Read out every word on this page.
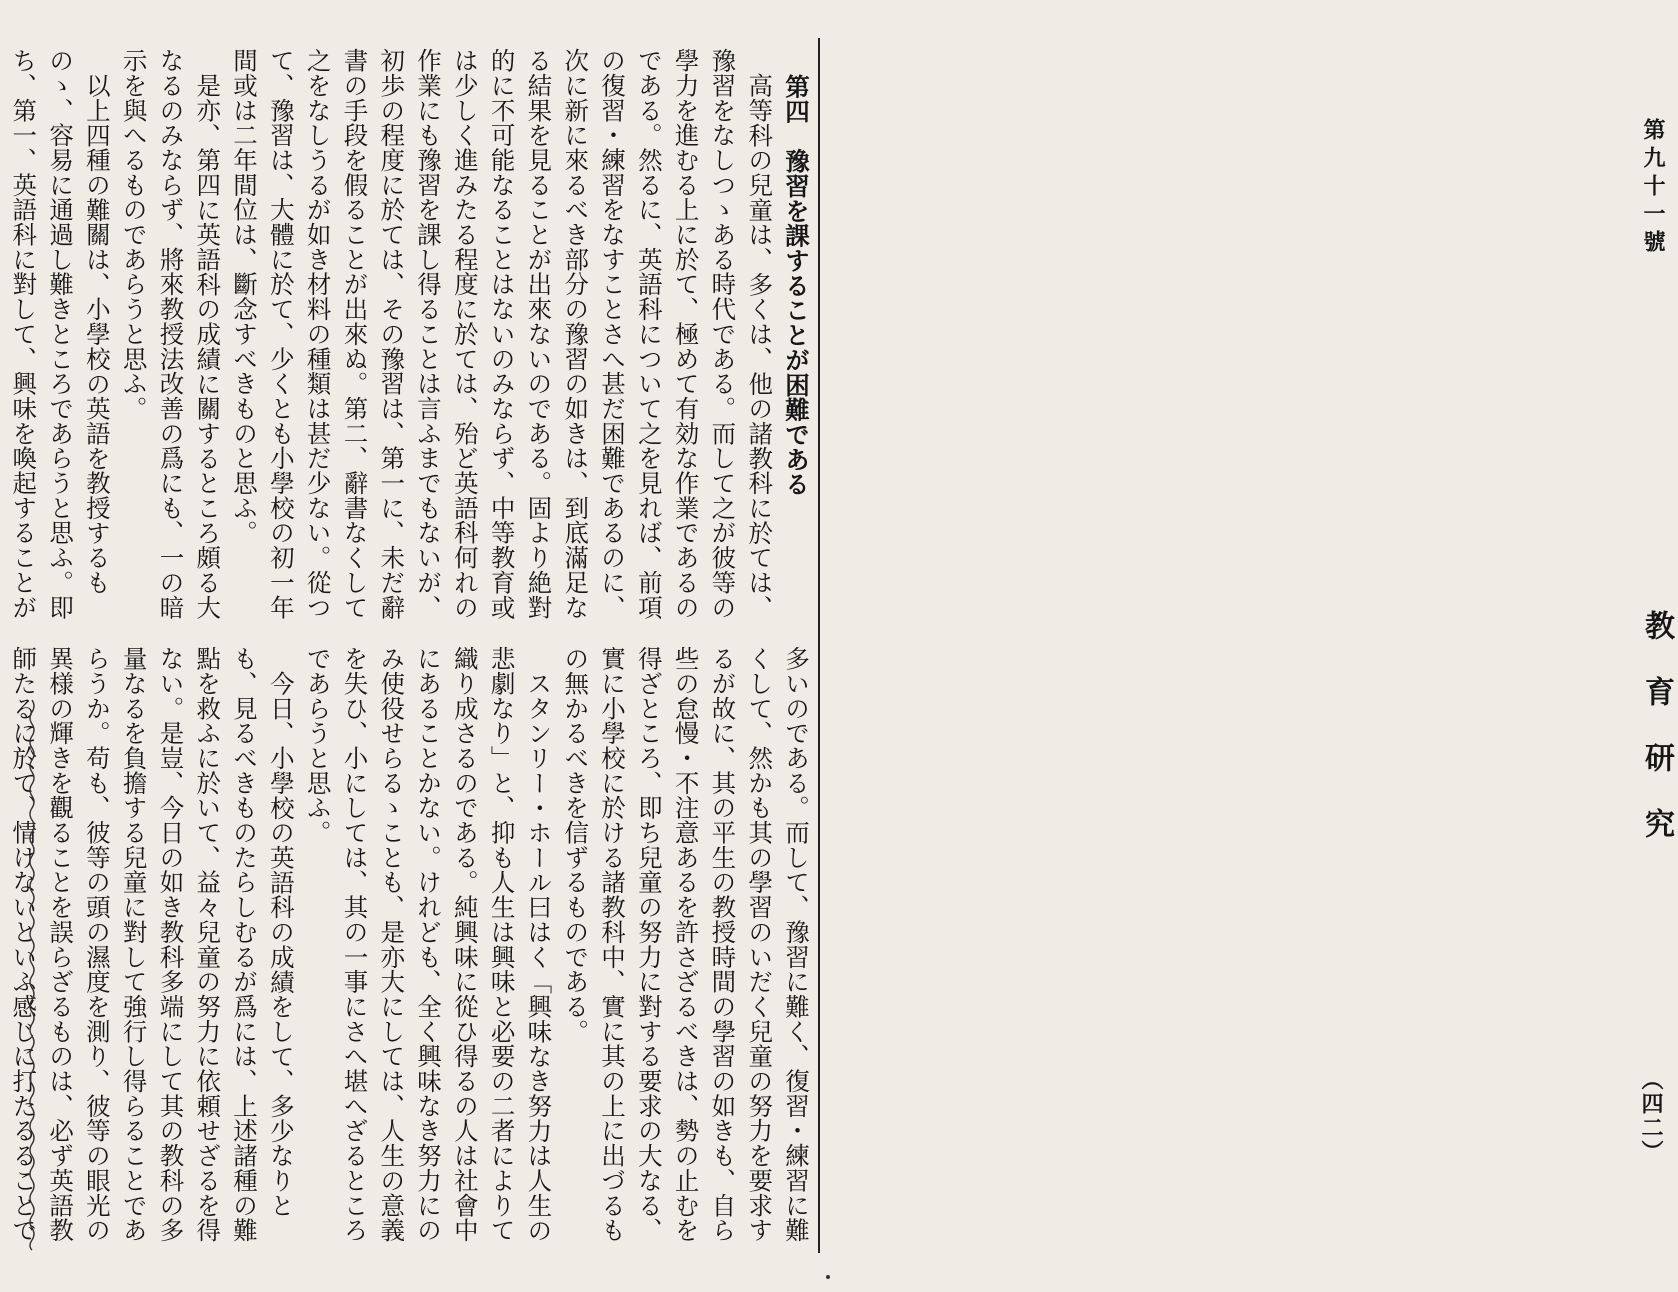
第九十一號
教育研究
（四二）

第四　豫習を課することが困難である

高等科の兒童は、多くは、他の諸教科に於ては、豫習をなしつゝある時代である。而して之が彼等の學力を進むる上に於て、極めて有効な作業であるのである。然るに、英語科について之を見れば、前項の復習・練習をなすことさへ甚だ困難であるのに、次に新に來るべき部分の豫習の如きは、到底滿足なる結果を見ることが出來ないのである。固より絶對的に不可能なることはないのみならず、中等教育或は少しく進みたる程度に於ては、殆ど英語科何れの作業にも豫習を課し得ることは言ふまでもないが、初歩の程度に於ては、その豫習は、第一に、未だ辭書の手段を假ることが出來ぬ。第二、辭書なくして之をなしうるが如き材料の種類は甚だ少ない。從つて、豫習は、大體に於て、少くとも小學校の初一年間或は二年間位は、斷念すべきものと思ふ。

是亦、第四に英語科の成績に關するところ頗る大なるのみならず、將來教授法改善の爲にも、一の暗示を與へるものであらうと思ふ。

以上四種の難關は、小學校の英語を教授するものゝ、容易に通過し難きところであらうと思ふ。即ち、第一、英語科に對して、興味を喚起することが

多いのである。而して、豫習に難く、復習・練習に難くして、然かも其の學習のいだく兒童の努力を要求するが故に、其の平生の教授時間の學習の如きも、自ら些の怠慢・不注意あるを許さざるべきは、勢の止むを得ざところ、即ち兒童の努力に對する要求の大なる、實に小學校に於ける諸教科中、實に其の上に出づるもの無かるべきを信ずるものである。

スタンリー・ホール曰はく「興味なき努力は人生の悲劇なり」と、抑も人生は興味と必要の二者によりて織り成さるのである。純興味に從ひ得るの人は社會中にあることかない。けれども、全く興味なき努力にのみ使役せらるゝことも、是亦大にしては、人生の意義を失ひ、小にしては、其の一事にさへ堪へざるところであらうと思ふ。

今日、小學校の英語科の成績をして、多少なりとも、見るべきものたらしむるが爲には、上述諸種の難點を救ふに於いて、益々兒童の努力に依頼せざるを得ない。是豈、今日の如き教科多端にして其の教科の多量なるを負擔する兒童に對して強行し得らることであらうか。苟も、彼等の頭の濕度を測り、彼等の眼光の異様の輝きを觀ることを誤らざるものは、必ず英語教師たるに於て、情けないといふ感じに打たるることで
